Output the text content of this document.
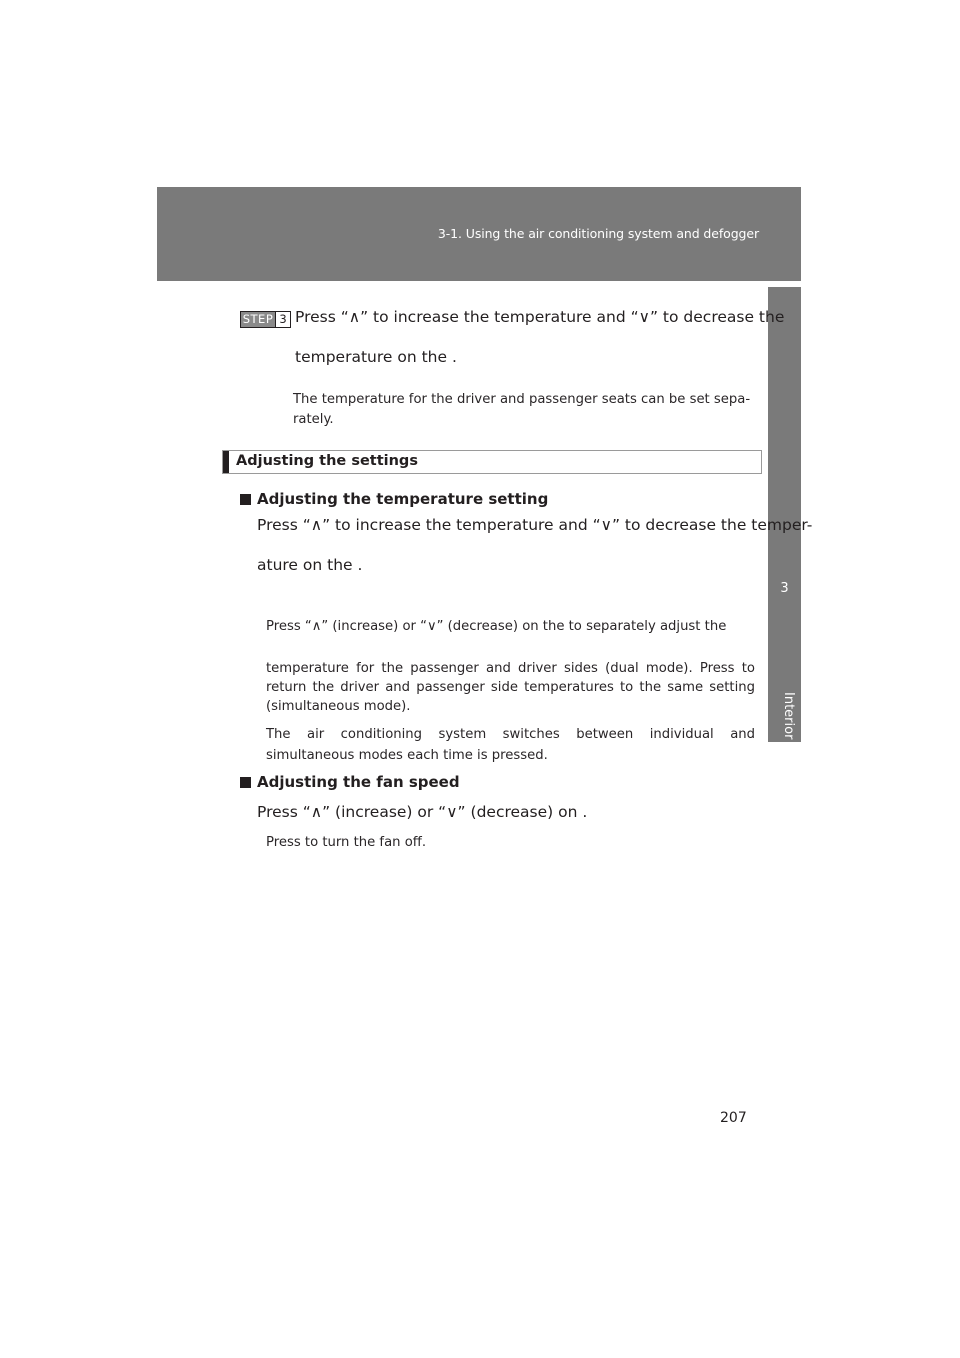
3-1. Using the air conditioning system and defogger
3
Interior features
STEP 3 Press “∧” to increase the temperature and “∨” to decrease the
temperature on the .
The temperature for the driver and passenger seats can be set sepa-
rately.
Adjusting the settings
Adjusting the temperature setting
Press “∧” to increase the temperature and “∨” to decrease the temper-
ature on the .
Press “∧” (increase) or “∨” (decrease) on the to separately adjust the
temperature for the passenger and driver sides (dual mode). Press to return the driver and passenger side temperatures to the same setting (simultaneous mode).
The air conditioning system switches between individual and simultaneous modes each time is pressed.
Adjusting the fan speed
Press “∧” (increase) or “∨” (decrease) on .
Press to turn the fan off.
207
